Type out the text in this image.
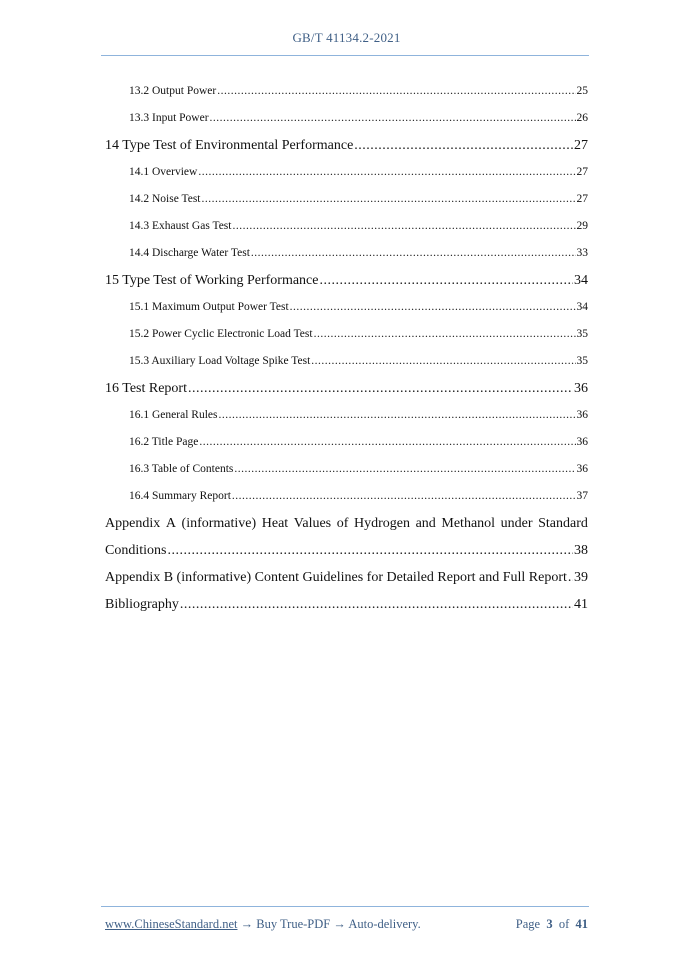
GB/T 41134.2-2021
13.2 Output Power .....	25
13.3 Input Power .....	26
14 Type Test of Environmental Performance .....	27
14.1 Overview .....	27
14.2 Noise Test .....	27
14.3 Exhaust Gas Test .....	29
14.4 Discharge Water Test .....	33
15 Type Test of Working Performance .....	34
15.1 Maximum Output Power Test .....	34
15.2 Power Cyclic Electronic Load Test .....	35
15.3 Auxiliary Load Voltage Spike Test .....	35
16 Test Report .....	36
16.1 General Rules .....	36
16.2 Title Page .....	36
16.3 Table of Contents .....	36
16.4 Summary Report .....	37
Appendix A (informative) Heat Values of Hydrogen and Methanol under Standard
Conditions .....	38
Appendix B (informative) Content Guidelines for Detailed Report and Full Report ..... 39
Bibliography .....	41
www.ChineseStandard.net → Buy True-PDF → Auto-delivery.	Page 3 of 41
